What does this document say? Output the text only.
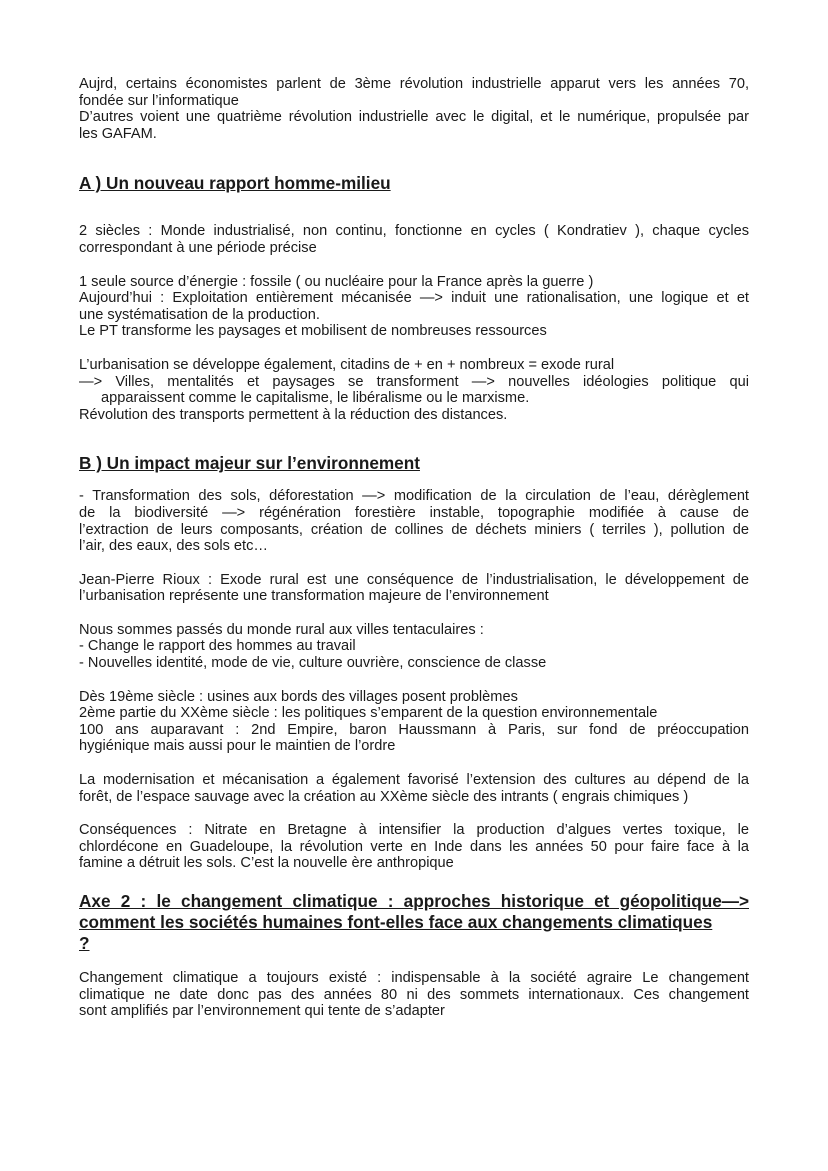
Aujrd, certains économistes parlent de 3ème révolution industrielle apparut vers les années 70,
fondée sur l’informatique
D’autres voient une quatrième révolution industrielle avec le digital, et le numérique, propulsée par
les GAFAM.
A ) Un nouveau rapport homme-milieu
2 siècles : Monde industrialisé, non continu, fonctionne en cycles ( Kondratiev ), chaque cycles
correspondant à une période précise
1 seule source d’énergie : fossile ( ou nucléaire pour la France après la guerre )
Aujourd’hui : Exploitation entièrement mécanisée —> induit une rationalisation, une logique et et
une systématisation de la production.
Le PT transforme les paysages et mobilisent de nombreuses ressources
L’urbanisation se développe également, citadins de + en + nombreux = exode rural
—> Villes, mentalités et paysages se transforment —> nouvelles idéologies politique qui
apparaissent comme le capitalisme, le libéralisme ou le marxisme.
Révolution des transports permettent à la réduction des distances.
B ) Un impact majeur sur l’environnement
- Transformation des sols, déforestation —> modification de la circulation de l’eau, dérèglement
de la biodiversité —> régénération forestière instable, topographie modifiée à cause de
l’extraction de leurs composants, création de collines de déchets miniers ( terriles ), pollution de
l’air, des eaux, des sols etc…
Jean-Pierre Rioux : Exode rural est une conséquence de l’industrialisation, le développement de
l’urbanisation représente une transformation majeure de l’environnement
Nous sommes passés du monde rural aux villes tentaculaires :
- Change le rapport des hommes au travail
- Nouvelles identité, mode de vie, culture ouvrière, conscience de classe
Dès 19ème siècle : usines aux bords des villages posent problèmes
2ème partie du XXème siècle : les politiques s’emparent de la question environnementale
100 ans auparavant : 2nd Empire, baron Haussmann à Paris, sur fond de préoccupation
hygiénique mais aussi pour le maintien de l’ordre
La modernisation et mécanisation a également favorisé l’extension des cultures au dépend de la
forêt, de l’espace sauvage avec la création au XXème siècle des intrants ( engrais chimiques )
Conséquences : Nitrate en Bretagne à intensifier la production d’algues vertes toxique, le
chlordécone en Guadeloupe, la révolution verte en Inde dans les années 50 pour faire face à la
famine a détruit les sols. C’est la nouvelle ère anthropique
Axe 2 : le changement climatique : approches historique et géopolitique—>
comment les sociétés humaines font-elles face aux changements climatiques
?
Changement climatique a toujours existé : indispensable à la société agraire Le changement
climatique ne date donc pas des années 80 ni des sommets internationaux. Ces changement
sont amplifiés par l’environnement qui tente de s’adapter
